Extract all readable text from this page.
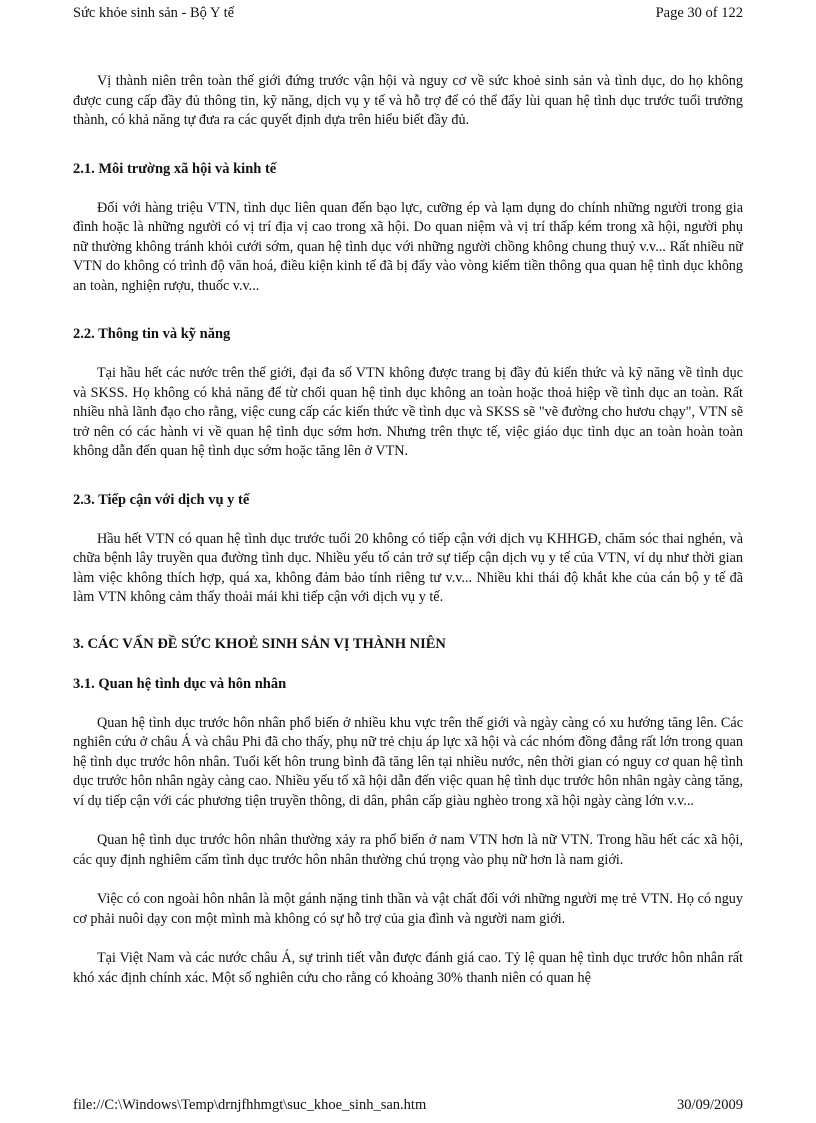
Sức khỏe sinh sản - Bộ Y tế	Page 30 of 122

Vị thành niên trên toàn thế giới đứng trước vận hội và nguy cơ về sức khoẻ sinh sản và tình dục, do họ không được cung cấp đầy đủ thông tin, kỹ năng, dịch vụ y tế và hỗ trợ để có thể đẩy lùi quan hệ tình dục trước tuổi trưởng thành, có khả năng tự đưa ra các quyết định dựa trên hiểu biết đầy đủ.

2.1. Môi trường xã hội và kinh tế

Đối với hàng triệu VTN, tình dục liên quan đến bạo lực, cưỡng ép và lạm dụng do chính những người trong gia đình hoặc là những người có vị trí địa vị cao trong xã hội. Do quan niệm và vị trí thấp kém trong xã hội, người phụ nữ thường không tránh khỏi cưới sớm, quan hệ tình dục với những người chồng không chung thuỷ v.v... Rất nhiều nữ VTN do không có trình độ văn hoá, điều kiện kinh tế đã bị đẩy vào vòng kiếm tiền thông qua quan hệ tình dục không an toàn, nghiện rượu, thuốc v.v...

2.2. Thông tin và kỹ năng

Tại hầu hết các nước trên thế giới, đại đa số VTN không được trang bị đầy đủ kiến thức và kỹ năng về tình dục và SKSS. Họ không có khả năng để từ chối quan hệ tình dục không an toàn hoặc thoả hiệp về tình dục an toàn. Rất nhiều nhà lãnh đạo cho rằng, việc cung cấp các kiến thức về tình dục và SKSS sẽ "vẽ đường cho hươu chạy", VTN sẽ trở nên có các hành vi về quan hệ tình dục sớm hơn. Nhưng trên thực tế, việc giáo dục tình dục an toàn hoàn toàn không dẫn đến quan hệ tình dục sớm hoặc tăng lên ở VTN.

2.3. Tiếp cận với dịch vụ y tế

Hầu hết VTN có quan hệ tình dục trước tuổi 20 không có tiếp cận với dịch vụ KHHGĐ, chăm sóc thai nghén, và chữa bệnh lây truyền qua đường tình dục. Nhiều yếu tố cản trở sự tiếp cận dịch vụ y tế của VTN, ví dụ như thời gian làm việc không thích hợp, quá xa, không đảm bảo tính riêng tư v.v... Nhiều khi thái độ khắt khe của cán bộ y tế đã làm VTN không cảm thấy thoải mái khi tiếp cận với dịch vụ y tế.

3. CÁC VẤN ĐỀ SỨC KHOẺ SINH SẢN VỊ THÀNH NIÊN
3.1. Quan hệ tình dục và hôn nhân

Quan hệ tình dục trước hôn nhân phổ biến ở nhiều khu vực trên thế giới và ngày càng có xu hướng tăng lên. Các nghiên cứu ở châu Á và châu Phi đã cho thấy, phụ nữ trẻ chịu áp lực xã hội và các nhóm đồng đẳng rất lớn trong quan hệ tình dục trước hôn nhân. Tuổi kết hôn trung bình đã tăng lên tại nhiều nước, nên thời gian có nguy cơ quan hệ tình dục trước hôn nhân ngày càng cao. Nhiều yếu tố xã hội dẫn đến việc quan hệ tình dục trước hôn nhân ngày càng tăng, ví dụ tiếp cận với các phương tiện truyền thông, di dân, phân cấp giàu nghèo trong xã hội ngày càng lớn v.v...

Quan hệ tình dục trước hôn nhân thường xảy ra phổ biến ở nam VTN hơn là nữ VTN. Trong hầu hết các xã hội, các quy định nghiêm cấm tình dục trước hôn nhân thường chú trọng vào phụ nữ hơn là nam giới.

Việc có con ngoài hôn nhân là một gánh nặng tinh thần và vật chất đối với những người mẹ trẻ VTN. Họ có nguy cơ phải nuôi dạy con một mình mà không có sự hỗ trợ của gia đình và người nam giới.

Tại Việt Nam và các nước châu Á, sự trinh tiết vẫn được đánh giá cao. Tỷ lệ quan hệ tình dục trước hôn nhân rất khó xác định chính xác. Một số nghiên cứu cho rằng có khoảng 30% thanh niên có quan hệ

file://C:\Windows\Temp\drnjfhhmgt\suc_khoe_sinh_san.htm	30/09/2009
